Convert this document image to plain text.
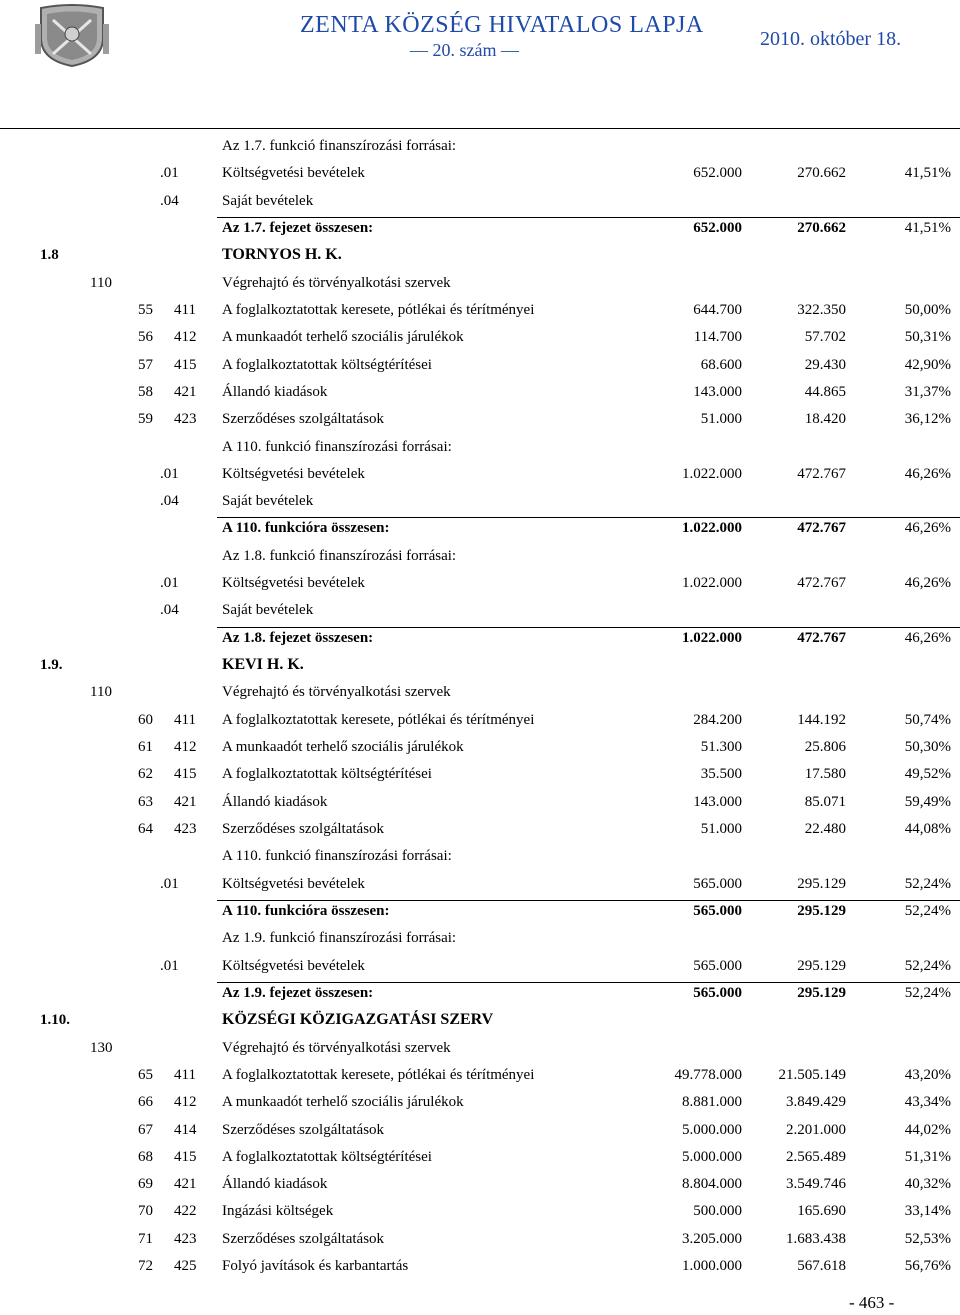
ZENTA KÖZSÉG HIVATALOS LAPJA
— 20. szám —	2010. október 18.
Az 1.7. funkció finanszírozási forrásai:
.01	Költségvetési bevételek	652.000	270.662	41,51%
.04	Saját bevételek
Az 1.7. fejezet összesen:	652.000	270.662	41,51%
1.8	TORNYOS H. K.
110	Végrehajtó és törvényalkotási szervek
55 411 A foglalkoztatottak keresete, pótlékai és térítményei	644.700	322.350	50,00%
56 412 A munkaadót terhelő szociális járulékok	114.700	57.702	50,31%
57 415 A foglalkoztatottak költségtérítései	68.600	29.430	42,90%
58 421 Állandó kiadások	143.000	44.865	31,37%
59 423 Szerződéses szolgáltatások	51.000	18.420	36,12%
A 110. funkció finanszírozási forrásai:
.01	Költségvetési bevételek	1.022.000	472.767	46,26%
.04	Saját bevételek
A 110. funkcióra összesen:	1.022.000	472.767	46,26%
Az 1.8. funkció finanszírozási forrásai:
.01	Költségvetési bevételek	1.022.000	472.767	46,26%
.04	Saját bevételek
Az 1.8. fejezet összesen:	1.022.000	472.767	46,26%
1.9.	KEVI H. K.
110	Végrehajtó és törvényalkotási szervek
60 411 A foglalkoztatottak keresete, pótlékai és térítményei	284.200	144.192	50,74%
61 412 A munkaadót terhelő szociális járulékok	51.300	25.806	50,30%
62 415 A foglalkoztatottak költségtérítései	35.500	17.580	49,52%
63 421 Állandó kiadások	143.000	85.071	59,49%
64 423 Szerződéses szolgáltatások	51.000	22.480	44,08%
A 110. funkció finanszírozási forrásai:
.01	Költségvetési bevételek	565.000	295.129	52,24%
A 110. funkcióra összesen:	565.000	295.129	52,24%
Az 1.9. funkció finanszírozási forrásai:
.01	Költségvetési bevételek	565.000	295.129	52,24%
Az 1.9. fejezet összesen:	565.000	295.129	52,24%
1.10.	KÖZSÉGI KÖZIGAZGATÁSI SZERV
130	Végrehajtó és törvényalkotási szervek
65 411 A foglalkoztatottak keresete, pótlékai és térítményei	49.778.000 21.505.149	43,20%
66 412 A munkaadót terhelő szociális járulékok	8.881.000	3.849.429	43,34%
67 414 Szerződéses szolgáltatások	5.000.000	2.201.000	44,02%
68 415 A foglalkoztatottak költségtérítései	5.000.000	2.565.489	51,31%
69 421 Állandó kiadások	8.804.000	3.549.746	40,32%
70 422 Ingázási költségek	500.000	165.690	33,14%
71 423 Szerződéses szolgáltatások	3.205.000	1.683.438	52,53%
72 425 Folyó javítások és karbantartás	1.000.000	567.618	56,76%
- 463 -
